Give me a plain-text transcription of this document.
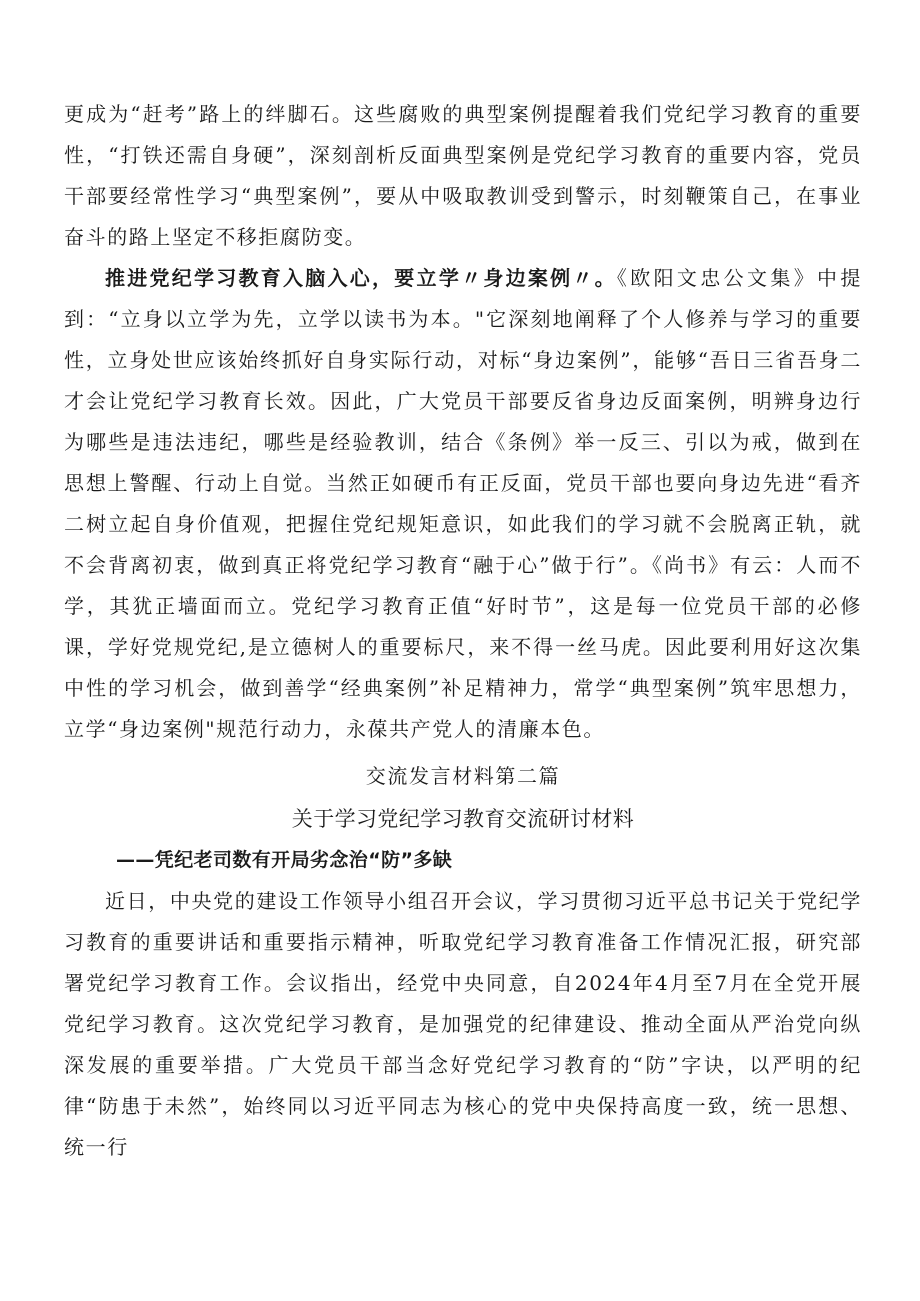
更成为“赶考”路上的绊脚石。这些腐败的典型案例提醒着我们党纪学习教育的重要性，“打铁还需自身硬”，深刻剖析反面典型案例是党纪学习教育的重要内容，党员干部要经常性学习“典型案例”，要从中吸取教训受到警示，时刻鞭策自己，在事业奋斗的路上坚定不移拒腐防变。

推进党纪学习教育入脑入心，要立学〃身边案例〃。《欧阳文忠公文集》中提到：“立身以立学为先，立学以读书为本。"它深刻地阐释了个人修养与学习的重要性，立身处世应该始终抓好自身实际行动，对标“身边案例”，能够“吾日三省吾身二才会让党纪学习教育长效。因此，广大党员干部要反省身边反面案例，明辨身边行为哪些是违法违纪，哪些是经验教训，结合《条例》举一反三、引以为戒，做到在思想上警醒、行动上自觉。当然正如硬币有正反面，党员干部也要向身边先进“看齐二树立起自身价值观，把握住党纪规矩意识，如此我们的学习就不会脱离正轨，就不会背离初衷，做到真正将党纪学习教育“融于心”做于行”。《尚书》有云：人而不学，其犹正墙面而立。党纪学习教育正值“好时节”，这是每一位党员干部的必修课，学好党规党纪,是立德树人的重要标尺，来不得一丝马虎。因此要利用好这次集中性的学习机会，做到善学“经典案例”补足精神力，常学“典型案例”筑牢思想力，立学“身边案例"规范行动力，永葆共产党人的清廉本色。

交流发言材料第二篇
关于学习党纪学习教育交流研讨材料
——凭纪老司数有开局劣念治“防”多缺

近日，中央党的建设工作领导小组召开会议，学习贯彻习近平总书记关于党纪学习教育的重要讲话和重要指示精神，听取党纪学习教育准备工作情况汇报，研究部署党纪学习教育工作。会议指出，经党中央同意，自2024年4月至7月在全党开展党纪学习教育。这次党纪学习教育，是加强党的纪律建设、推动全面从严治党向纵深发展的重要举措。广大党员干部当念好党纪学习教育的“防”字诀，以严明的纪律“防患于未然”，始终同以习近平同志为核心的党中央保持高度一致，统一思想、统一行
